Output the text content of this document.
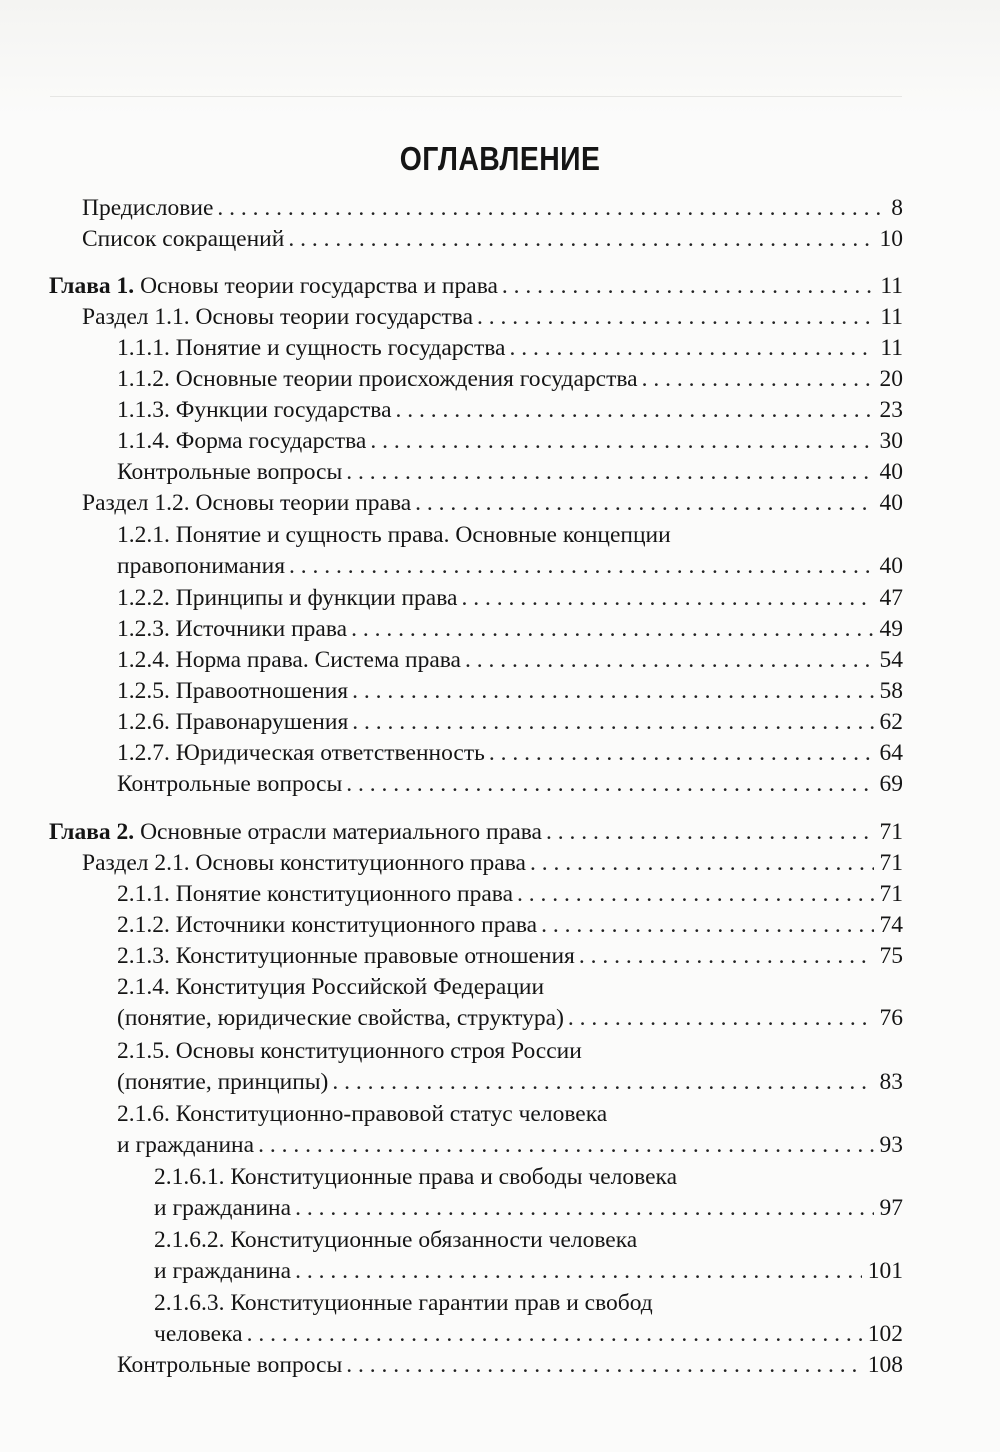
ОГЛАВЛЕНИЕ
Предисловие . . .	8
Список сокращений . . .	10
Глава 1. Основы теории государства и права . . .	11
Раздел 1.1. Основы теории государства . . .	11
1.1.1. Понятие и сущность государства . . .	11
1.1.2. Основные теории происхождения государства . . .	20
1.1.3. Функции государства . . .	23
1.1.4. Форма государства . . .	30
Контрольные вопросы . . .	40
Раздел 1.2. Основы теории права . . .	40
1.2.1. Понятие и сущность права. Основные концепции
правопонимания . . .	40
1.2.2. Принципы и функции права . . .	47
1.2.3. Источники права . . .	49
1.2.4. Норма права. Система права . . .	54
1.2.5. Правоотношения . . .	58
1.2.6. Правонарушения . . .	62
1.2.7. Юридическая ответственность . . .	64
Контрольные вопросы . . .	69
Глава 2. Основные отрасли материального права . . .	71
Раздел 2.1. Основы конституционного права . . .	71
2.1.1. Понятие конституционного права . . .	71
2.1.2. Источники конституционного права . . .	74
2.1.3. Конституционные правовые отношения . . .	75
2.1.4. Конституция Российской Федерации
(понятие, юридические свойства, структура) . . .	76
2.1.5. Основы конституционного строя России
(понятие, принципы) . . .	83
2.1.6. Конституционно-правовой статус человека
и гражданина . . .	93
2.1.6.1. Конституционные права и свободы человека
и гражданина . . .	97
2.1.6.2. Конституционные обязанности человека
и гражданина . . .	101
2.1.6.3. Конституционные гарантии прав и свобод
человека . . .	102
Контрольные вопросы . . .	108
